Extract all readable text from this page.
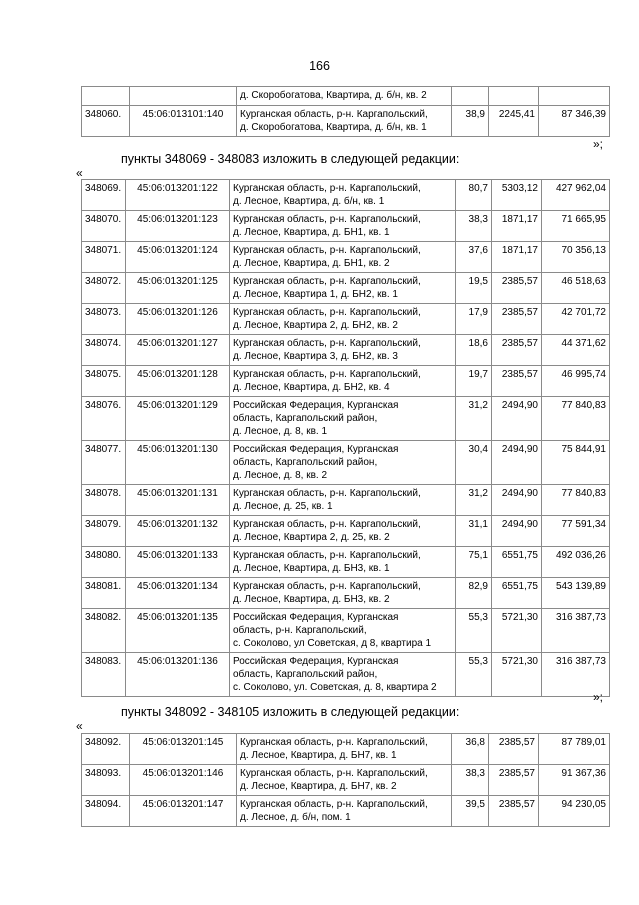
166
		д. Скоробогатова, Квартира, д. б/н, кв. 2			
348060.	45:06:013101:140	Курганская область, р-н. Каргапольский,
д. Скоробогатова, Квартира, д. б/н, кв. 1	38,9	2245,41	87 346,39
»;
пункты 348069 - 348083 изложить в следующей редакции:
«
348069.	45:06:013201:122	Курганская область, р-н. Каргапольский,
д. Лесное, Квартира, д. б/н, кв. 1	80,7	5303,12	427 962,04
348070.	45:06:013201:123	Курганская область, р-н. Каргапольский,
д. Лесное, Квартира, д. БН1, кв. 1	38,3	1871,17	71 665,95
348071.	45:06:013201:124	Курганская область, р-н. Каргапольский,
д. Лесное, Квартира, д. БН1, кв. 2	37,6	1871,17	70 356,13
348072.	45:06:013201:125	Курганская область, р-н. Каргапольский,
д. Лесное, Квартира 1, д. БН2, кв. 1	19,5	2385,57	46 518,63
348073.	45:06:013201:126	Курганская область, р-н. Каргапольский,
д. Лесное, Квартира 2, д. БН2, кв. 2	17,9	2385,57	42 701,72
348074.	45:06:013201:127	Курганская область, р-н. Каргапольский,
д. Лесное, Квартира 3, д. БН2, кв. 3	18,6	2385,57	44 371,62
348075.	45:06:013201:128	Курганская область, р-н. Каргапольский,
д. Лесное, Квартира, д. БН2, кв. 4	19,7	2385,57	46 995,74
348076.	45:06:013201:129	Российская Федерация, Курганская
область, Каргапольский район,
д. Лесное, д. 8, кв. 1	31,2	2494,90	77 840,83
348077.	45:06:013201:130	Российская Федерация, Курганская
область, Каргапольский район,
д. Лесное, д. 8, кв. 2	30,4	2494,90	75 844,91
348078.	45:06:013201:131	Курганская область, р-н. Каргапольский,
д. Лесное, д. 25, кв. 1	31,2	2494,90	77 840,83
348079.	45:06:013201:132	Курганская область, р-н. Каргапольский,
д. Лесное, Квартира 2, д. 25, кв. 2	31,1	2494,90	77 591,34
348080.	45:06:013201:133	Курганская область, р-н. Каргапольский,
д. Лесное, Квартира, д. БН3, кв. 1	75,1	6551,75	492 036,26
348081.	45:06:013201:134	Курганская область, р-н. Каргапольский,
д. Лесное, Квартира, д. БН3, кв. 2	82,9	6551,75	543 139,89
348082.	45:06:013201:135	Российская Федерация, Курганская
область, р-н. Каргапольский,
с. Соколово, ул Советская, д 8, квартира 1	55,3	5721,30	316 387,73
348083.	45:06:013201:136	Российская Федерация, Курганская
область, Каргапольский район,
с. Соколово, ул. Советская, д. 8, квартира 2	55,3	5721,30	316 387,73
»;
пункты 348092 - 348105 изложить в следующей редакции:
«
348092.	45:06:013201:145	Курганская область, р-н. Каргапольский,
д. Лесное, Квартира, д. БН7, кв. 1	36,8	2385,57	87 789,01
348093.	45:06:013201:146	Курганская область, р-н. Каргапольский,
д. Лесное, Квартира, д. БН7, кв. 2	38,3	2385,57	91 367,36
348094.	45:06:013201:147	Курганская область, р-н. Каргапольский,
д. Лесное, д. б/н, пом. 1	39,5	2385,57	94 230,05
